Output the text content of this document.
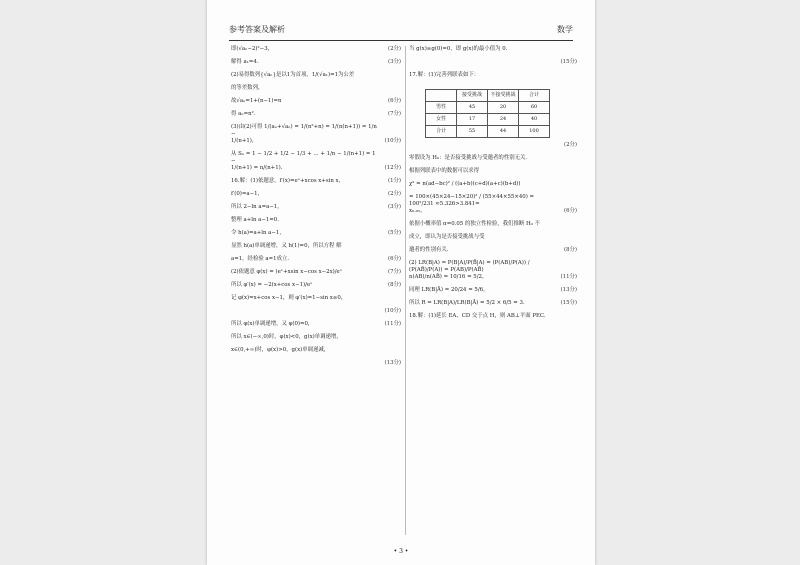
参考答案及解析	数学
即(√aₙ−2)²−3，	(2分)
解得 a₁=4.	(3分)
(2)易得数列{√aₙ}是以1为首项，1/(√a₁)=1为公差
的等差数列，
故√aₙ=1+(n−1)=n	(6分)
得 aₙ=n².	(7分)
(3)由(2)可得 1/(aₙ+√aₙ) = 1/(n²+n) = 1/(n(n+1)) = 1/n −
1/(n+1)，	(10分)
从 Sₙ = 1 − 1/2 + 1/2 − 1/3 + … + 1/n − 1/(n+1) = 1 −
1/(n+1) = n/(n+1).	(12分)
16.解：(1)依题意，f′(x)=eˣ+xcos x+sin x，	(1分)
f′(0)=a−1，	(2分)
所以 2−ln a=a−1，	(3分)
整理 a+ln a−1=0.
令 h(a)=a+ln a−1，	(5分)
显然 h(a)单调递增，又 h(1)=0，所以方程 解
a=1，经检验 a=1成立.	(6分)
(2)依题意 φ(x) = (eˣ+xsin x−cos x−2x)/eˣ	(7分)
所以 φ′(x) = −2(x+cos x−1)/eˣ	(8分)
记 φ(x)=x+cos x−1，则 φ′(x)=1−sin x≥0，
(10分)
所以 φ(x)单调递增，又 φ(0)=0，	(11分)
所以 x∈(−∞,0)时，φ(x)<0，g(x)单调递增，
x∈(0,+∞)时，φ(x)>0，g(x)单调递减，
(13分)
当 g(x)≥g(0)=0，即 g(x)的最小值为 0.
(15分)
17.解：(1)完善列联表如下：
	接受挑战	不接受挑战	合计
男性	45	20	60
女性	17	24	40
合计	55	44	100
(2分)
零假设为 H₀：是否接受挑战与受邀者的性别无关.
根据列联表中的数据可以求得
χ² = n(ad−bc)² / ((a+b)(c+d)(a+c)(b+d))
= 100×(45×24−15×20)² / (55×44×55×40) = 100²/231 ≈5.326>3.841=
x₀.₀₅，	(6分)
依据小概率值 α=0.05 的独立性检验，我们推断 H₀ 不
成立，即认为是否接受挑战与受
邀者的性别有关.	(8分)
(2) LR(B|A) = P(B|A)/P(B̄|A) = (P(AB)/P(A)) / (P(AB̄)/P(A)) = P(AB)/P(AB̄)
n(AB)/n(AB̄) = 10/16 = 5/2，	(11分)
同理 LR(B|Ā) = 20/24 = 5/6，	(13分)
所以 R = LR(B|A)/LR(B|Ā) = 5/2 × 6/5 = 3.	(15分)
18.解：(1)延长 EA、CD 交于点 H，则 AB⊥平面 PEC.
• 3 •
